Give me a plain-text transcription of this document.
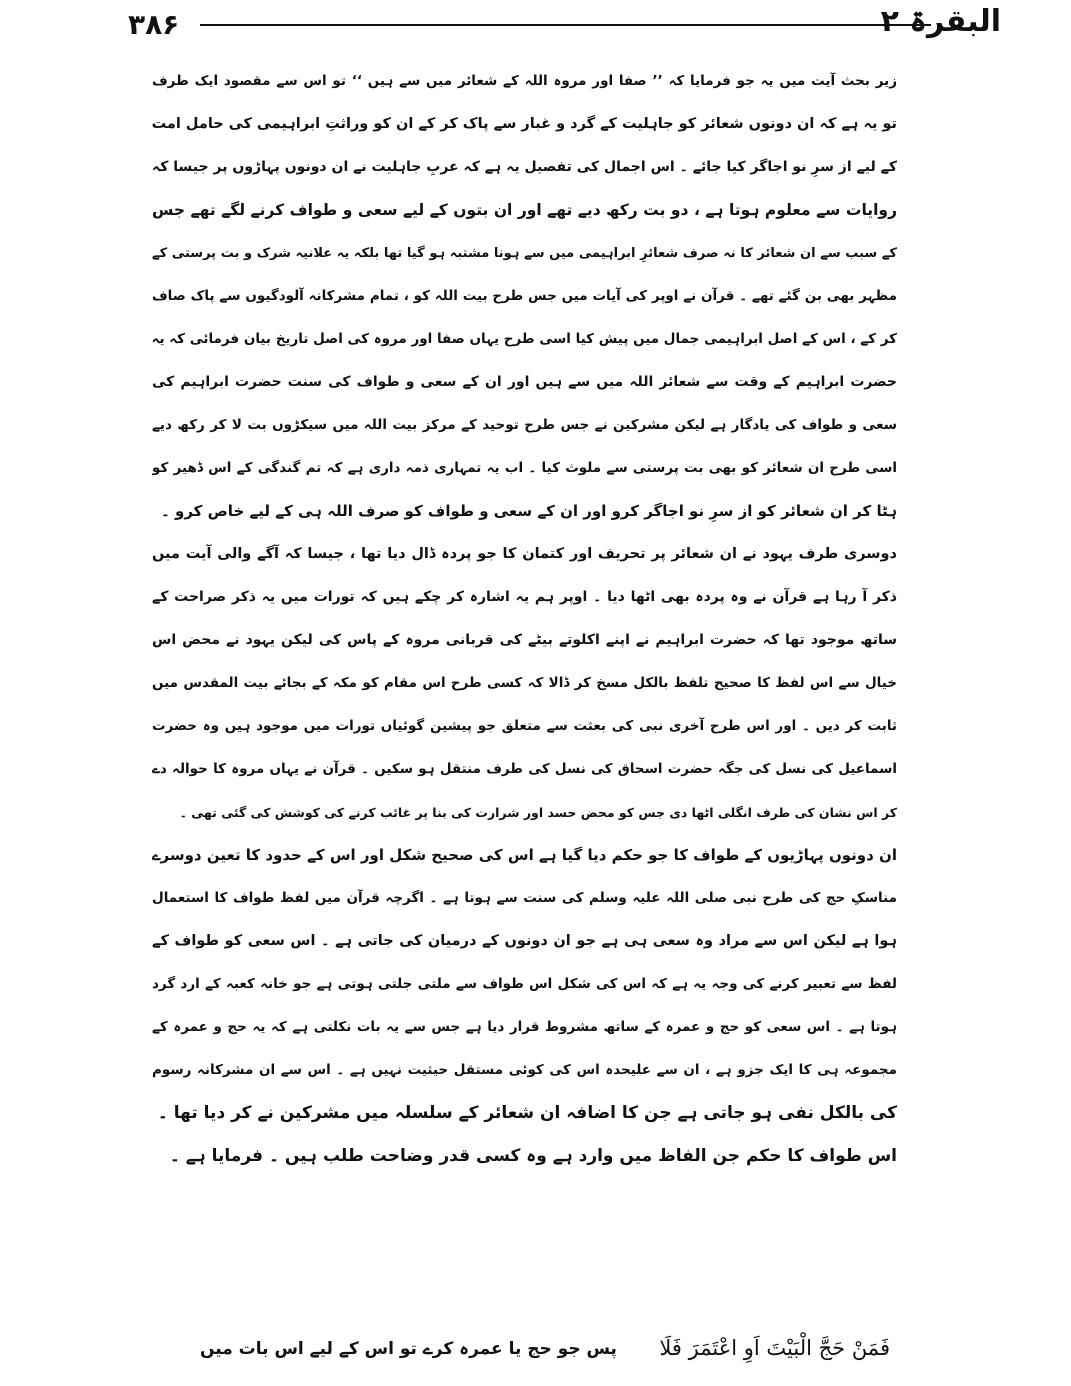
۳۸۶	البقرۃ ۲
زیر بحث آیت میں یہ جو فرمایا کہ ’’ صفا اور مروہ اللہ کے شعائر میں سے ہیں ‘‘ تو اس سے مقصود ایک طرف
تو یہ ہے کہ ان دونوں شعائر کو جاہلیت کے گرد و غبار سے پاک کر کے ان کو وراثتِ ابراہیمی کی حامل امت
کے لیے از سرِ نو اجاگر کیا جائے ۔ اس اجمال کی تفصیل یہ ہے کہ عربِ جاہلیت نے ان دونوں پہاڑوں پر جیسا کہ
روایات سے معلوم ہوتا ہے ، دو بت رکھ دیے تھے اور ان بتوں کے لیے سعی و طواف کرنے لگے تھے جس
کے سبب سے ان شعائر کا نہ صرف شعائرِ ابراہیمی میں سے ہونا مشتبہ ہو گیا تھا بلکہ یہ علانیہ شرک و بت پرستی کے
مظہر بھی بن گئے تھے ۔ قرآن نے اوپر کی آیات میں جس طرح بیت اللہ کو ، تمام مشرکانہ آلودگیوں سے پاک صاف
کر کے ، اس کے اصل ابراہیمی جمال میں پیش کیا اسی طرح یہاں صفا اور مروہ کی اصل تاریخ بیان فرمائی کہ یہ
حضرت ابراہیم کے وقت سے شعائر اللہ میں سے ہیں اور ان کے سعی و طواف کی سنت حضرت ابراہیم کی
سعی و طواف کی یادگار ہے لیکن مشرکین نے جس طرح توحید کے مرکز بیت اللہ میں سیکڑوں بت لا کر رکھ دیے
اسی طرح ان شعائر کو بھی بت پرستی سے ملوث کیا ۔ اب یہ تمہاری ذمہ داری ہے کہ تم گندگی کے اس ڈھیر کو
ہٹا کر ان شعائر کو از سرِ نو اجاگر کرو اور ان کے سعی و طواف کو صرف اللہ ہی کے لیے خاص کرو ۔
دوسری طرف یہود نے ان شعائر پر تحریف اور کتمان کا جو پردہ ڈال دیا تھا ، جیسا کہ آگے والی آیت میں
ذکر آ رہا ہے قرآن نے وہ پردہ بھی اٹھا دیا ۔ اوپر ہم یہ اشارہ کر چکے ہیں کہ تورات میں یہ ذکر صراحت کے
ساتھ موجود تھا کہ حضرت ابراہیم نے اپنے اکلوتے بیٹے کی قربانی مروہ کے پاس کی لیکن یہود نے محض اس
خیال سے اس لفظ کا صحیح تلفظ بالکل مسخ کر ڈالا کہ کسی طرح اس مقام کو مکہ کے بجائے بیت المقدس میں
ثابت کر دیں ۔ اور اس طرح آخری نبی کی بعثت سے متعلق جو پیشین گوئیاں تورات میں موجود ہیں وہ حضرت
اسماعیل کی نسل کی جگہ حضرت اسحاق کی نسل کی طرف منتقل ہو سکیں ۔ قرآن نے یہاں مروہ کا حوالہ دے
کر اس نشان کی طرف انگلی اٹھا دی جس کو محض حسد اور شرارت کی بنا پر غائب کرنے کی کوشش کی گئی تھی ۔
ان دونوں پہاڑیوں کے طواف کا جو حکم دیا گیا ہے اس کی صحیح شکل اور اس کے حدود کا تعین دوسرے
مناسکِ حج کی طرح نبی صلی اللہ علیہ وسلم کی سنت سے ہوتا ہے ۔ اگرچہ قرآن میں لفظ طواف کا استعمال
ہوا ہے لیکن اس سے مراد وہ سعی ہی ہے جو ان دونوں کے درمیان کی جاتی ہے ۔ اس سعی کو طواف کے
لفظ سے تعبیر کرنے کی وجہ یہ ہے کہ اس کی شکل اس طواف سے ملتی جلتی ہوتی ہے جو خانہ کعبہ کے ارد گرد
ہوتا ہے ۔ اس سعی کو حج و عمرہ کے ساتھ مشروط قرار دیا ہے جس سے یہ بات نکلتی ہے کہ یہ حج و عمرہ کے
مجموعہ ہی کا ایک جزو ہے ، ان سے علیحدہ اس کی کوئی مستقل حیثیت نہیں ہے ۔ اس سے ان مشرکانہ رسوم
کی بالکل نفی ہو جاتی ہے جن کا اضافہ ان شعائر کے سلسلہ میں مشرکین نے کر دیا تھا ۔
اس طواف کا حکم جن الفاظ میں وارد ہے وہ کسی قدر وضاحت طلب ہیں ۔ فرمایا ہے ۔
فَمَنْ حَجَّ الْبَيْتَ اَوِ اعْتَمَرَ فَلَا
پس جو حج یا عمرہ کرے تو اس کے لیے اس بات میں
